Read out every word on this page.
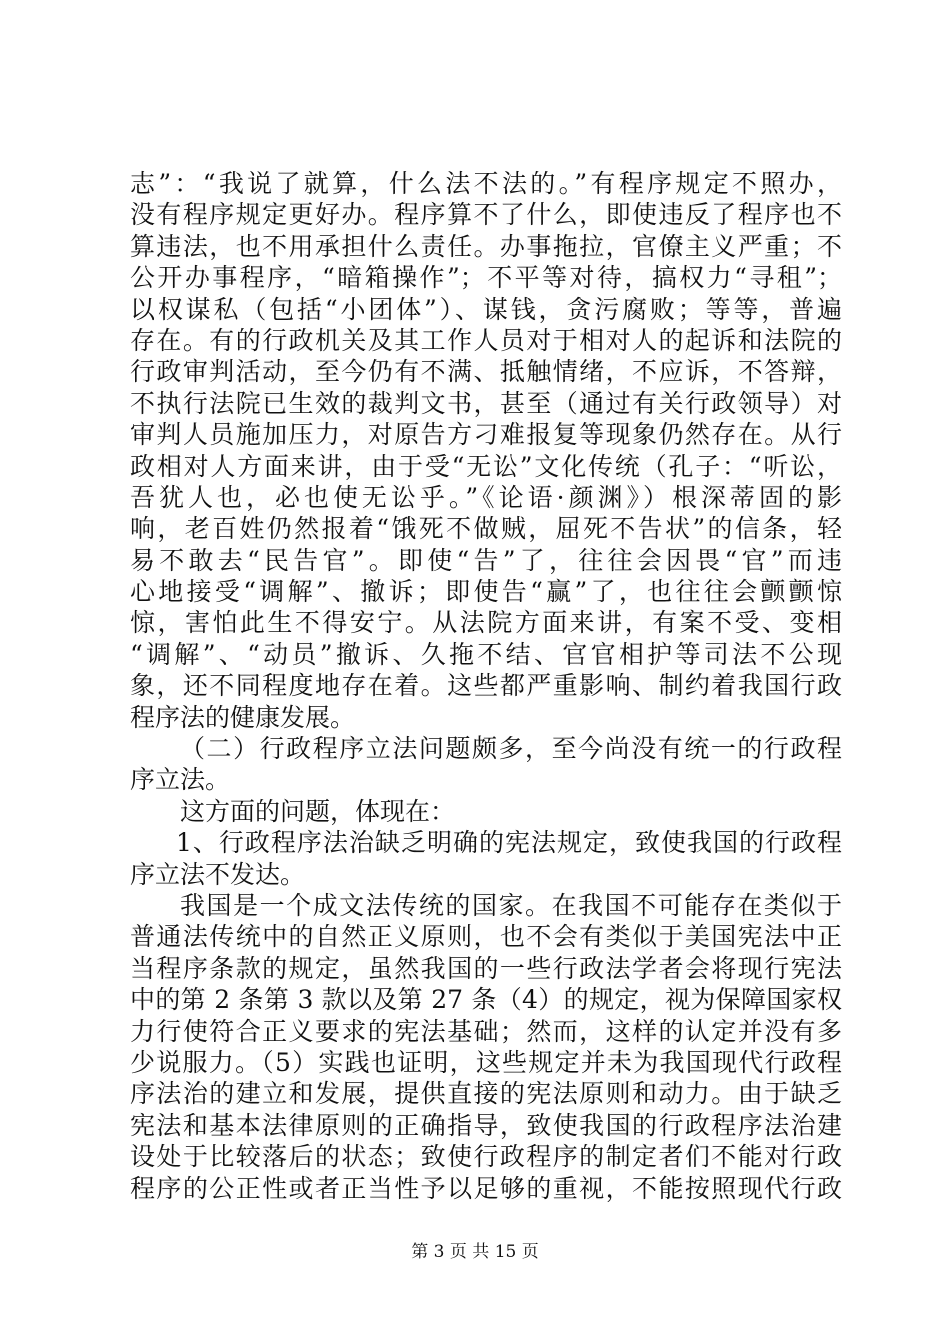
志”：“我说了就算，什么法不法的。”有程序规定不照办，
没有程序规定更好办。程序算不了什么，即使违反了程序也不
算违法，也不用承担什么责任。办事拖拉，官僚主义严重；不
公开办事程序，“暗箱操作”；不平等对待，搞权力“寻租”；
以权谋私（包括“小团体”）、谋钱，贪污腐败；等等，普遍
存在。有的行政机关及其工作人员对于相对人的起诉和法院的
行政审判活动，至今仍有不满、抵触情绪，不应诉，不答辩，
不执行法院已生效的裁判文书，甚至（通过有关行政领导）对
审判人员施加压力，对原告方刁难报复等现象仍然存在。从行
政相对人方面来讲，由于受“无讼”文化传统（孔子：“听讼，
吾犹人也，必也使无讼乎。”《论语·颜渊》）根深蒂固的影
响，老百姓仍然报着“饿死不做贼，屈死不告状”的信条，轻
易不敢去“民告官”。即使“告”了，往往会因畏“官”而违
心地接受“调解”、撤诉；即使告“赢”了，也往往会颤颤惊
惊，害怕此生不得安宁。从法院方面来讲，有案不受、变相
“调解”、“动员”撤诉、久拖不结、官官相护等司法不公现
象，还不同程度地存在着。这些都严重影响、制约着我国行政
程序法的健康发展。
（二）行政程序立法问题颇多，至今尚没有统一的行政程
序立法。
这方面的问题，体现在：
1、行政程序法治缺乏明确的宪法规定，致使我国的行政程
序立法不发达。
我国是一个成文法传统的国家。在我国不可能存在类似于
普通法传统中的自然正义原则，也不会有类似于美国宪法中正
当程序条款的规定，虽然我国的一些行政法学者会将现行宪法
中的第 2 条第 3 款以及第 27 条（4）的规定，视为保障国家权
力行使符合正义要求的宪法基础；然而，这样的认定并没有多
少说服力。（5）实践也证明，这些规定并未为我国现代行政程
序法治的建立和发展，提供直接的宪法原则和动力。由于缺乏
宪法和基本法律原则的正确指导，致使我国的行政程序法治建
设处于比较落后的状态；致使行政程序的制定者们不能对行政
程序的公正性或者正当性予以足够的重视，不能按照现代行政
第 3 页 共 15 页
